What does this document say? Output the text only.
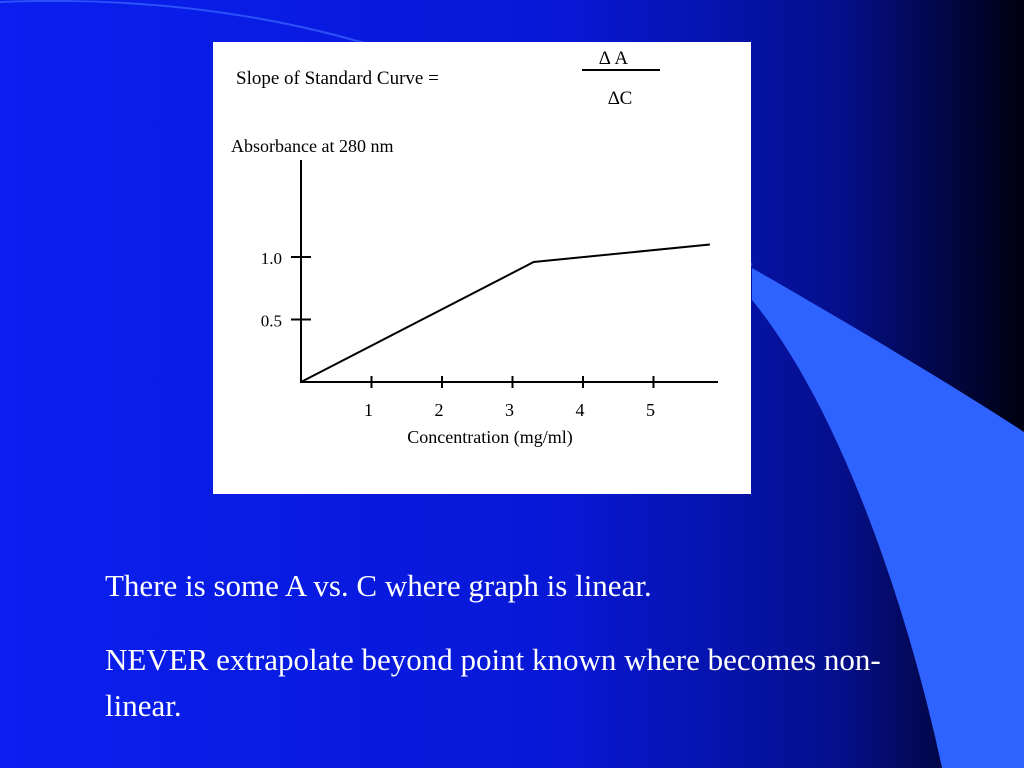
Slope of Standard Curve =
∆ A
∆C
Absorbance at 280 nm
1	2	3	4	5
0.5
1.0
Concentration (mg/ml)
There is some A vs. C where graph is linear.
NEVER extrapolate beyond point known where becomes non-linear.
